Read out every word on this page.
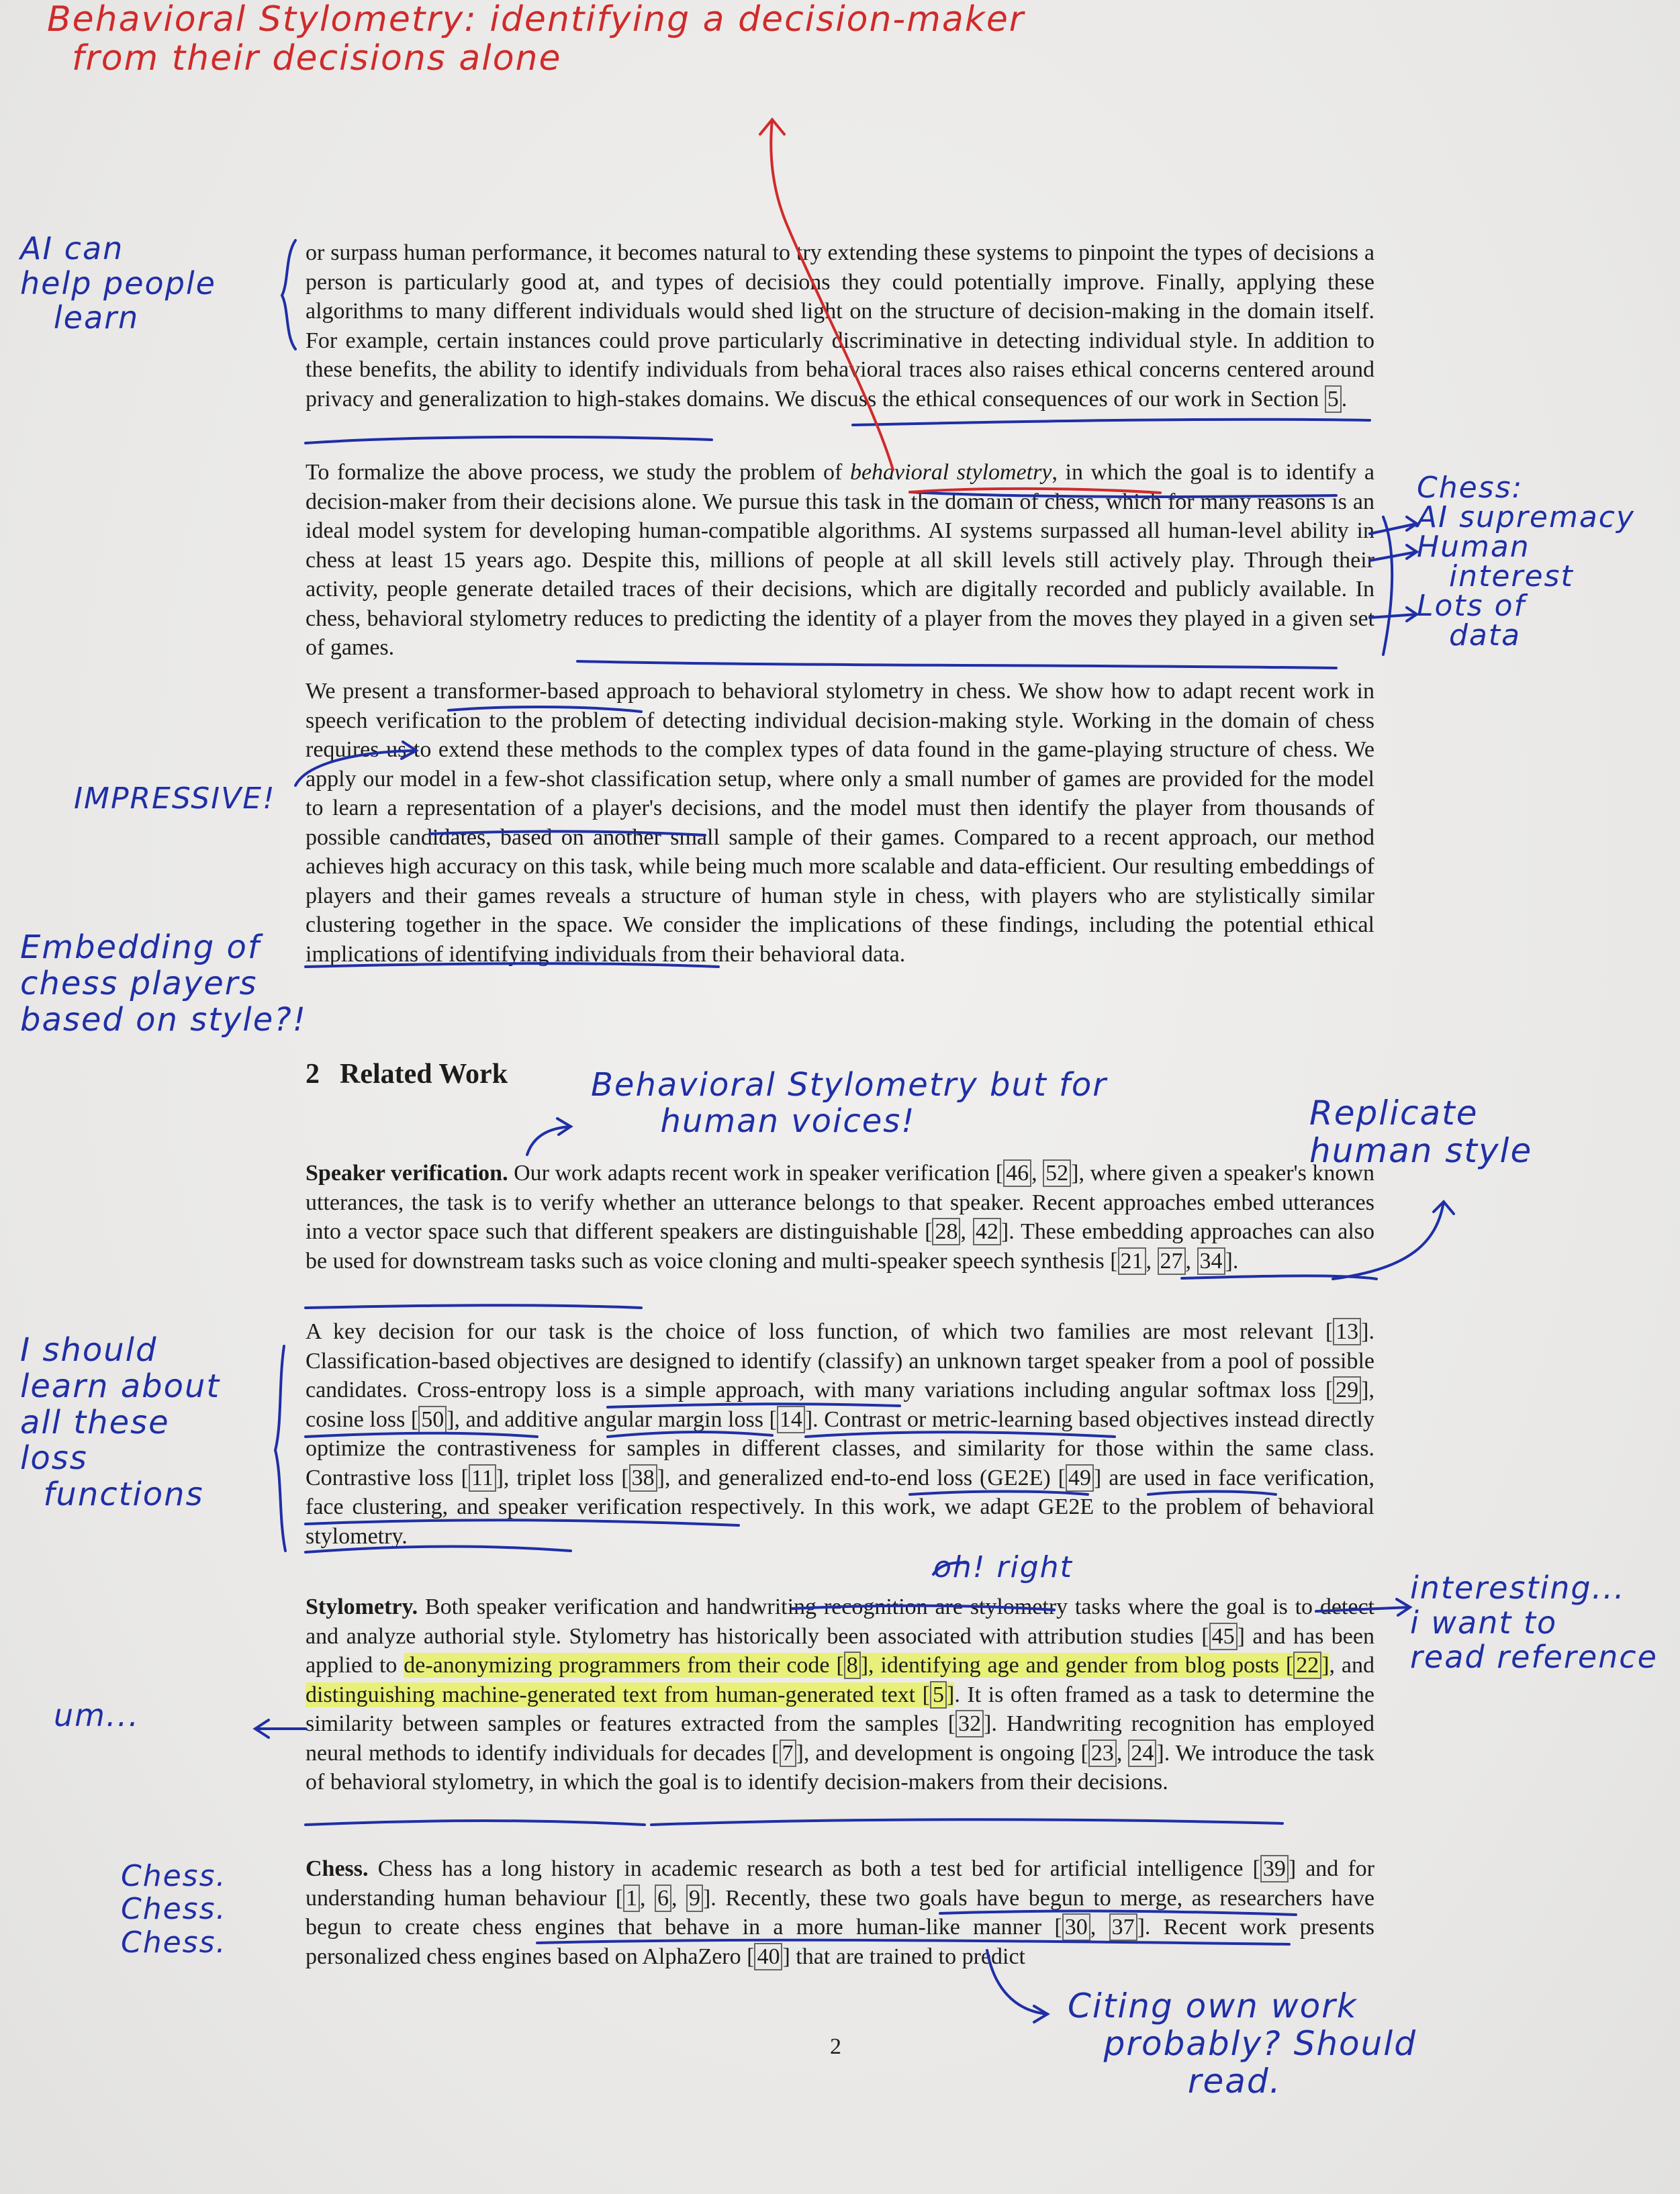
or surpass human performance, it becomes natural to try extending these systems to pinpoint the types of decisions a person is particularly good at, and types of decisions they could potentially improve. Finally, applying these algorithms to many different individuals would shed light on the structure of decision-making in the domain itself. For example, certain instances could prove particularly discriminative in detecting individual style. In addition to these benefits, the ability to identify individuals from behavioral traces also raises ethical concerns centered around privacy and generalization to high-stakes domains. We discuss the ethical consequences of our work in Section 5 .

To formalize the above process, we study the problem of behavioral stylometry, in which the goal is to identify a decision-maker from their decisions alone. We pursue this task in the domain of chess, which for many reasons is an ideal model system for developing human-compatible algorithms. AI systems surpassed all human-level ability in chess at least 15 years ago. Despite this, millions of people at all skill levels still actively play. Through their activity, people generate detailed traces of their decisions, which are digitally recorded and publicly available. In chess, behavioral stylometry reduces to predicting the identity of a player from the moves they played in a given set of games.

We present a transformer-based approach to behavioral stylometry in chess. We show how to adapt recent work in speech verification to the problem of detecting individual decision-making style. Working in the domain of chess requires us to extend these methods to the complex types of data found in the game-playing structure of chess. We apply our model in a few-shot classification setup, where only a small number of games are provided for the model to learn a representation of a player's decisions, and the model must then identify the player from thousands of possible candidates, based on another small sample of their games. Compared to a recent approach, our method achieves high accuracy on this task, while being much more scalable and data-efficient. Our resulting embeddings of players and their games reveals a structure of human style in chess, with players who are stylistically similar clustering together in the space. We consider the implications of these findings, including the potential ethical implications of identifying individuals from their behavioral data.

2 Related Work

Speaker verification. Our work adapts recent work in speaker verification [ 46 , 52 ], where given a speaker's known utterances, the task is to verify whether an utterance belongs to that speaker. Recent approaches embed utterances into a vector space such that different speakers are distinguishable [ 28 , 42 ]. These embedding approaches can also be used for downstream tasks such as voice cloning and multi-speaker speech synthesis [ 21 , 27 , 34 ].

A key decision for our task is the choice of loss function, of which two families are most relevant [ 13 ]. Classification-based objectives are designed to identify (classify) an unknown target speaker from a pool of possible candidates. Cross-entropy loss is a simple approach, with many variations including angular softmax loss [ 29 ], cosine loss [ 50 ], and additive angular margin loss [ 14 ]. Contrast or metric-learning based objectives instead directly optimize the contrastiveness for samples in different classes, and similarity for those within the same class. Contrastive loss [ 11 ], triplet loss [ 38 ], and generalized end-to-end loss (GE2E) [ 49 ] are used in face verification, face clustering, and speaker verification respectively. In this work, we adapt GE2E to the problem of behavioral stylometry.

Stylometry. Both speaker verification and handwriting recognition are stylometry tasks where the goal is to detect and analyze authorial style. Stylometry has historically been associated with attribution studies [ 45 ] and has been applied to de-anonymizing programmers from their code [ 8 ], identifying age and gender from blog posts [ 22 ], and distinguishing machine-generated text from human-generated text [ 5 ]. It is often framed as a task to determine the similarity between samples or features extracted from the samples [ 32 ]. Handwriting recognition has employed neural methods to identify individuals for decades [ 7 ], and development is ongoing [ 23 , 24 ]. We introduce the task of behavioral stylometry, in which the goal is to identify decision-makers from their decisions.

Chess. Chess has a long history in academic research as both a test bed for artificial intelligence [ 39 ] and for understanding human behaviour [ 1 , 6 , 9 ]. Recently, these two goals have begun to merge, as researchers have begun to create chess engines that behave in a more human-like manner [ 30 , 37 ]. Recent work presents personalized chess engines based on AlphaZero [ 40 ] that are trained to predict

2
Behavioral Stylometry: identifying a decision-maker
from their decisions alone
AI can
help people
learn
Chess:
AI supremacy
Human
interest
Lots of
data
IMPRESSIVE!
Embedding of
chess players
based on style?!
Behavioral Stylometry but for
human voices!	Replicate
human style
I should
learn about
all these
loss
functions
oh! right
interesting...
i want to
read reference
um...
Chess.
Chess.
Chess.
Citing own work
probably? Should
read.
